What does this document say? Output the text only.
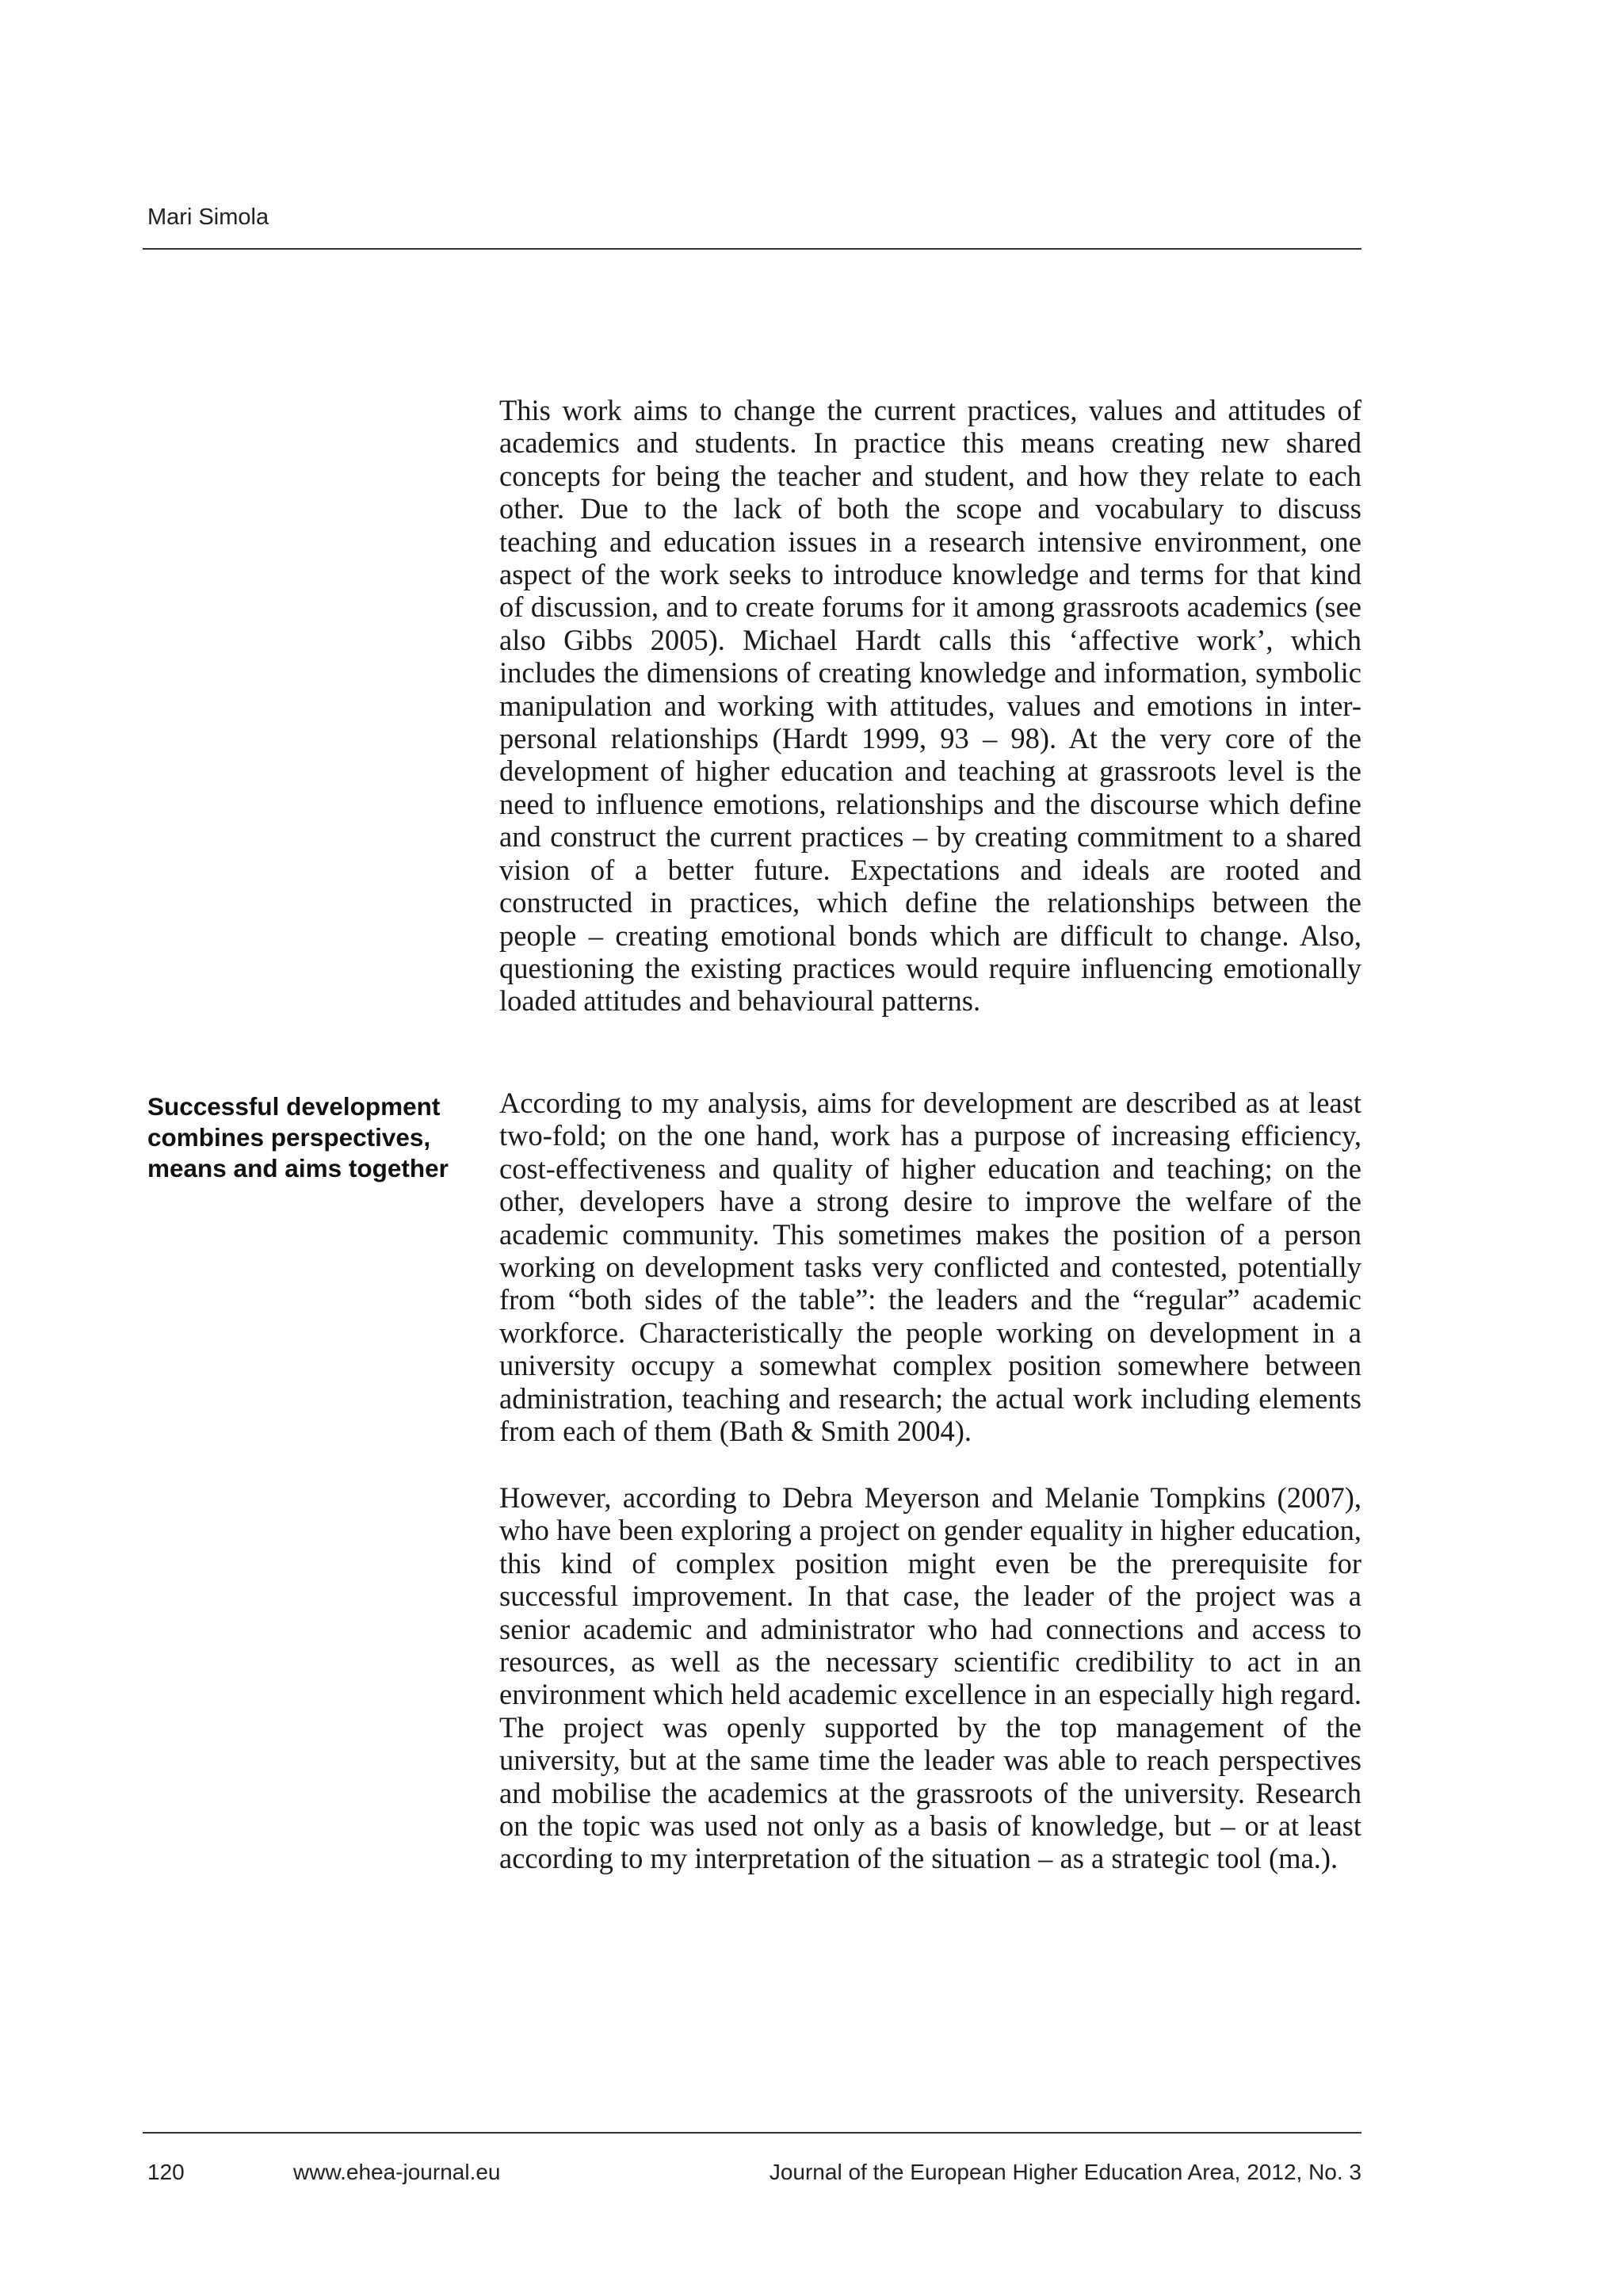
Mari Simola

This work aims to change the current practices, values and attitudes of academics and students. In practice this means creating new shared concepts for being the teacher and student, and how they relate to each other. Due to the lack of both the scope and vocabulary to discuss teaching and education issues in a research intensive environment, one aspect of the work seeks to introduce knowledge and terms for that kind of discussion, and to create forums for it among grassroots academics (see also Gibbs 2005). Michael Hardt calls this ‘affective work’, which includes the dimensions of creating knowledge and information, symbolic manipulation and working with attitudes, values and emotions in inter-personal relationships (Hardt 1999, 93 – 98). At the very core of the development of higher education and teaching at grassroots level is the need to influence emotions, relationships and the discourse which define and construct the current practices – by creating commitment to a shared vision of a better future. Expectations and ideals are rooted and constructed in practices, which define the relationships between the people – creating emotional bonds which are difficult to change. Also, questioning the existing practices would require influencing emotionally loaded attitudes and behavioural patterns.

Successful development combines perspectives, means and aims together

According to my analysis, aims for development are described as at least two-fold; on the one hand, work has a purpose of increasing efficiency, cost-effectiveness and quality of higher education and teaching; on the other, developers have a strong desire to improve the welfare of the academic community. This sometimes makes the position of a person working on development tasks very conflicted and contested, potentially from “both sides of the table”: the leaders and the “regular” academic workforce. Characteristically the people working on development in a university occupy a somewhat complex position somewhere between administration, teaching and research; the actual work including elements from each of them (Bath & Smith 2004).

However, according to Debra Meyerson and Melanie Tompkins (2007), who have been exploring a project on gender equality in higher education, this kind of complex position might even be the prerequisite for successful improvement. In that case, the leader of the project was a senior academic and administrator who had connections and access to resources, as well as the necessary scientific credibility to act in an environment which held academic excellence in an especially high regard. The project was openly supported by the top management of the university, but at the same time the leader was able to reach perspectives and mobilise the academics at the grassroots of the university. Research on the topic was used not only as a basis of knowledge, but – or at least according to my interpretation of the situation – as a strategic tool (ma.).

120	www.ehea-journal.eu	Journal of the European Higher Education Area, 2012, No. 3
